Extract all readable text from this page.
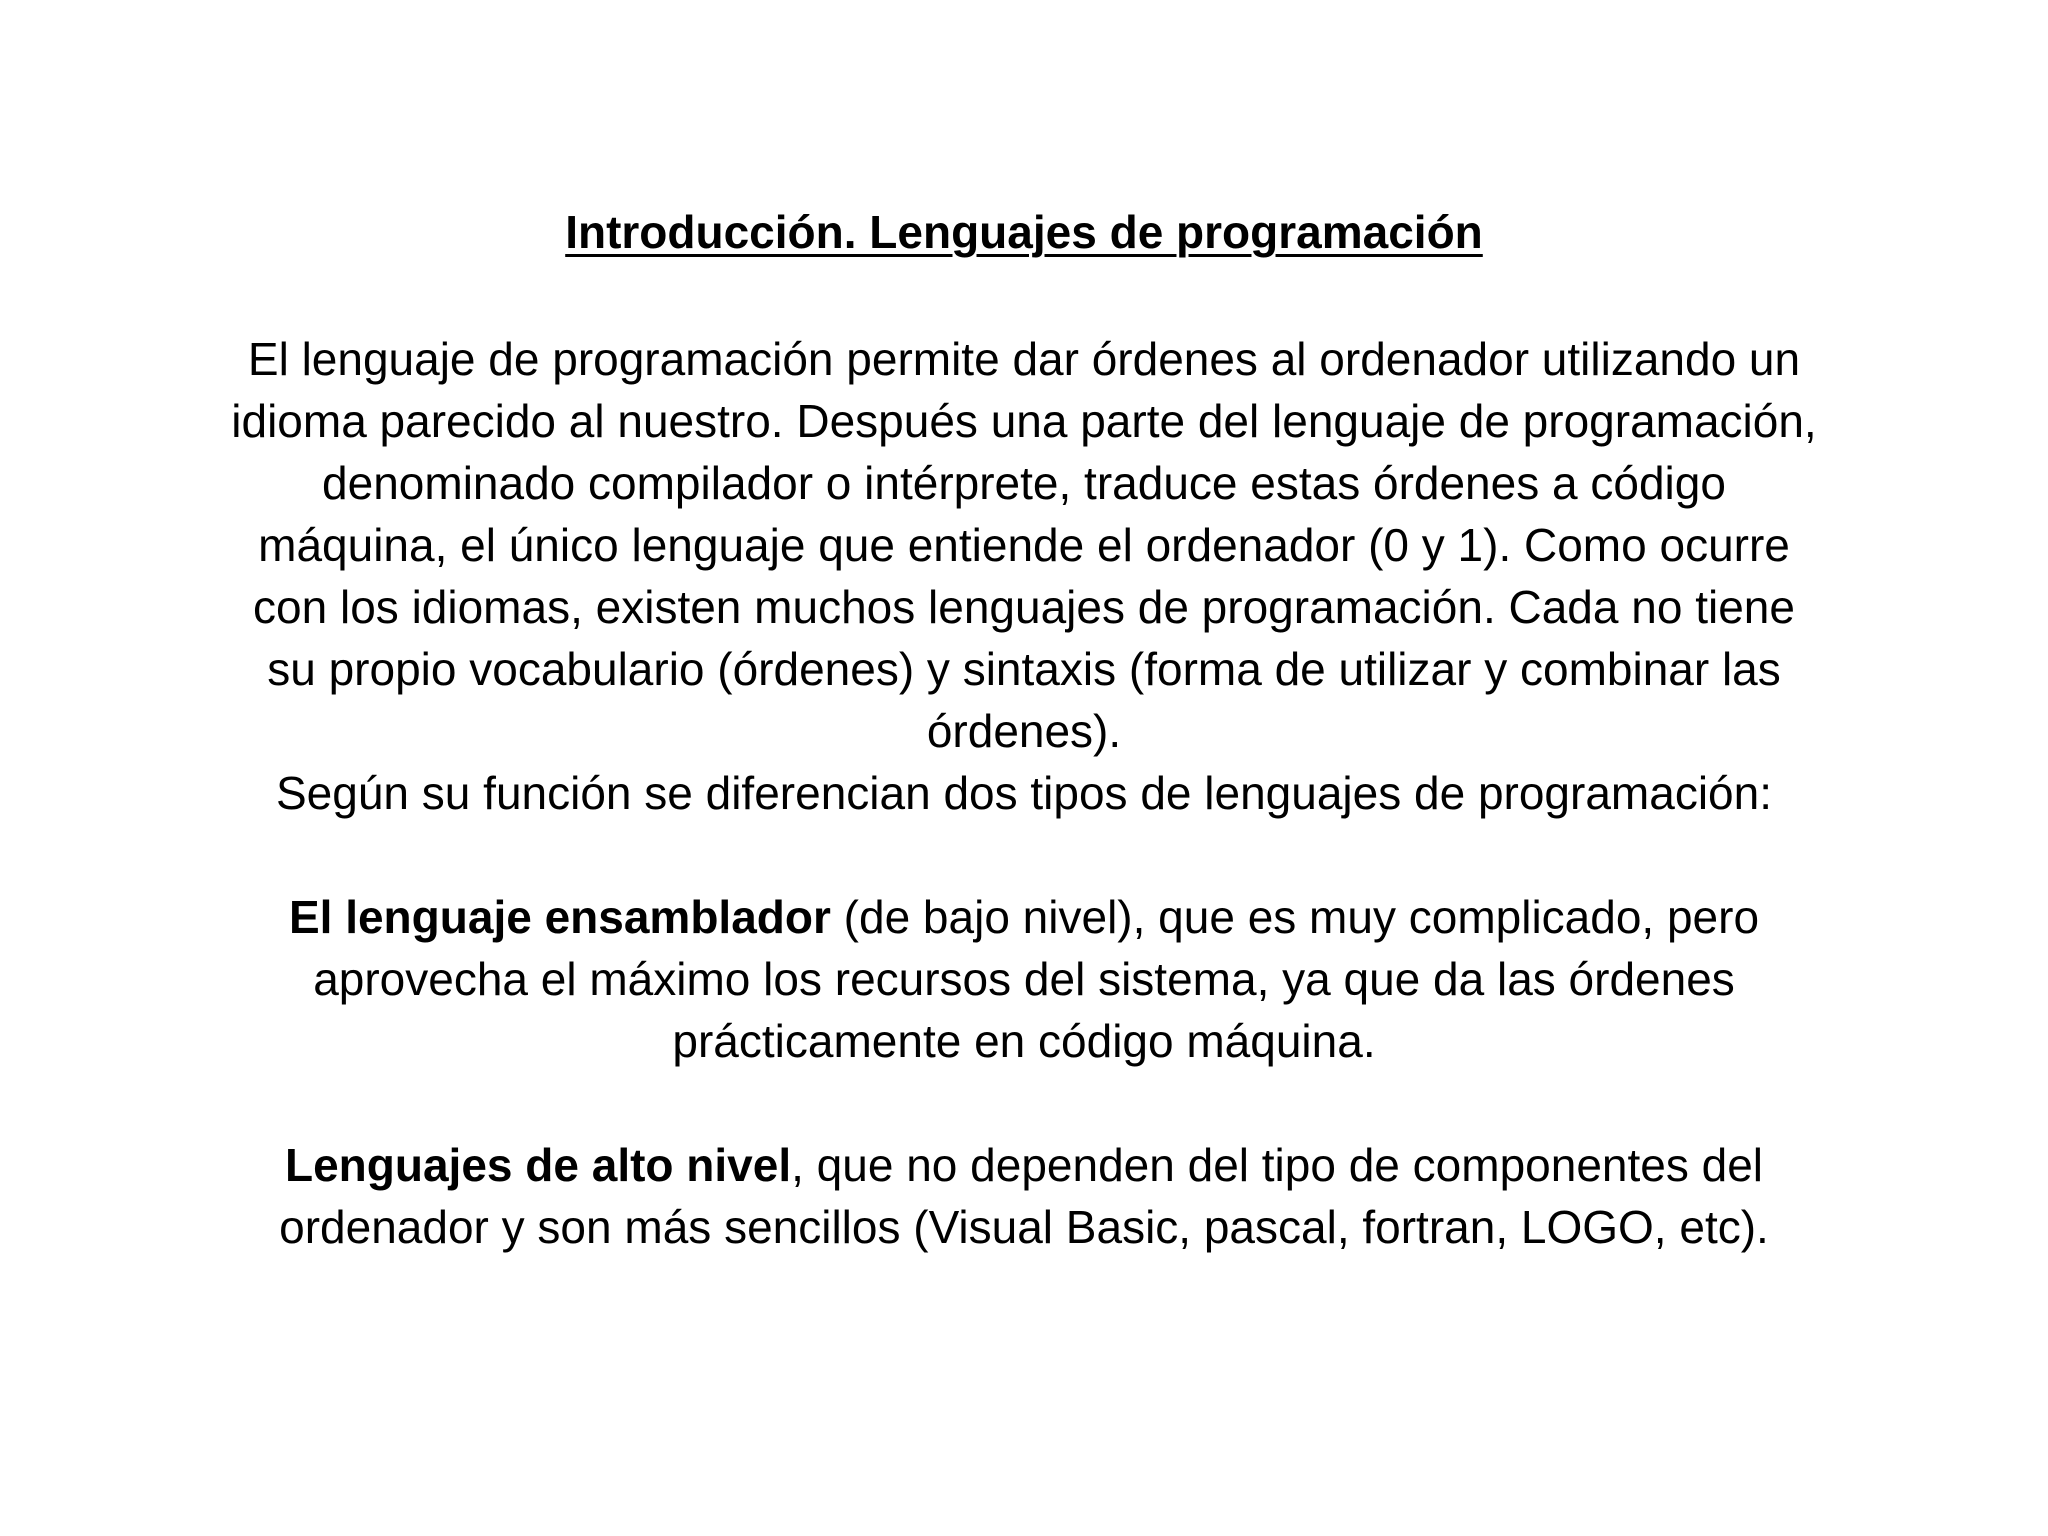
Introducción. Lenguajes de programación

El lenguaje de programación permite dar órdenes al ordenador utilizando un
idioma parecido al nuestro. Después una parte del lenguaje de programación,
denominado compilador o intérprete, traduce estas órdenes a código
máquina, el único lenguaje que entiende el ordenador (0 y 1). Como ocurre
con los idiomas, existen muchos lenguajes de programación. Cada no tiene
su propio vocabulario (órdenes) y sintaxis (forma de utilizar y combinar las
órdenes).

Según su función se diferencian dos tipos de lenguajes de programación:

El lenguaje ensamblador (de bajo nivel), que es muy complicado, pero
aprovecha el máximo los recursos del sistema, ya que da las órdenes
prácticamente en código máquina.

Lenguajes de alto nivel, que no dependen del tipo de componentes del
ordenador y son más sencillos (Visual Basic, pascal, fortran, LOGO, etc).
